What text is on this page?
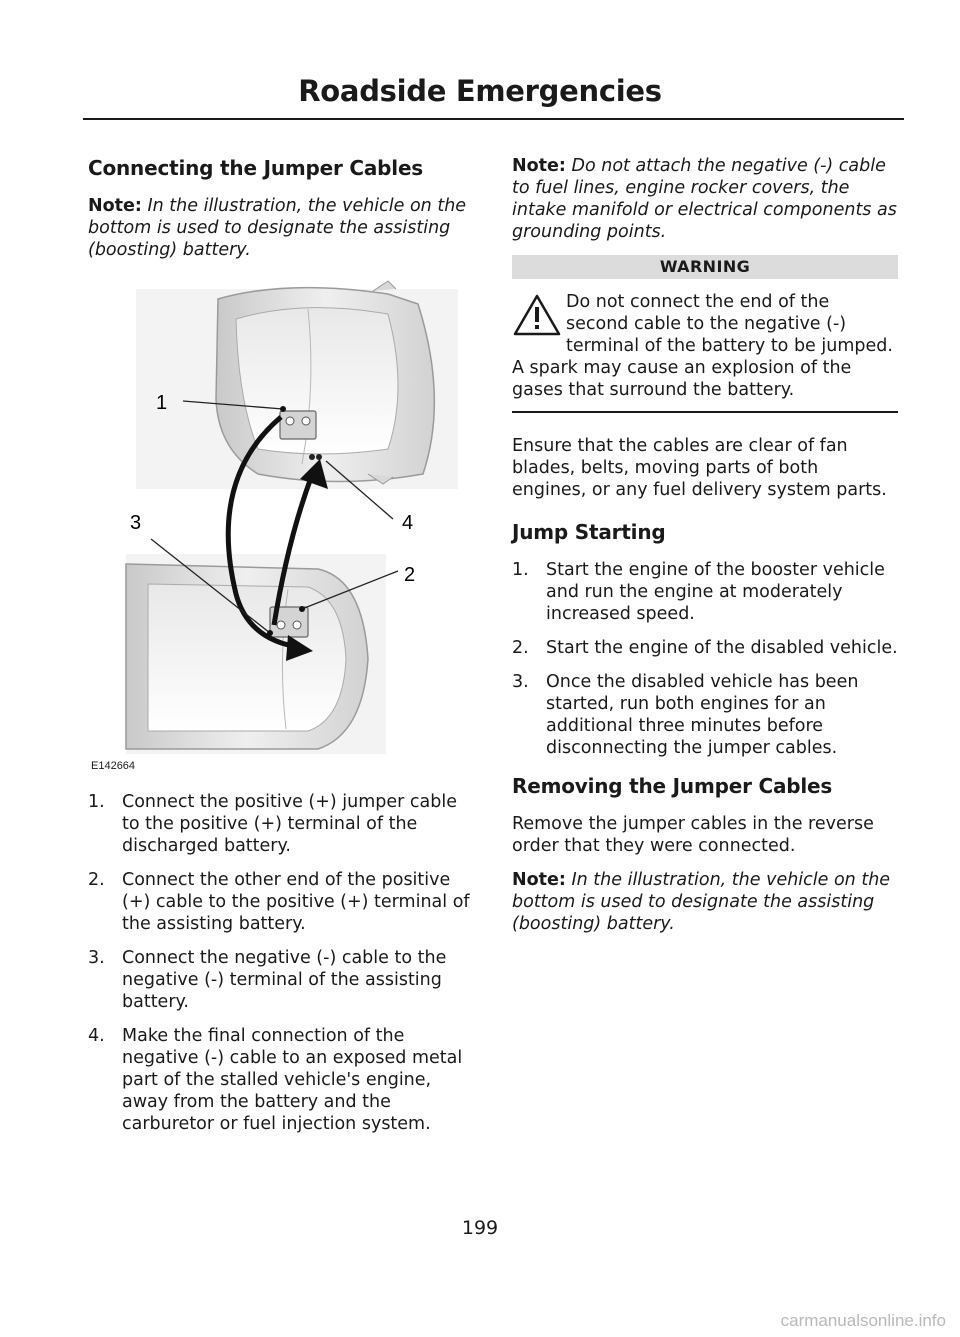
Roadside Emergencies
Connecting the Jumper Cables

Note: In the illustration, the vehicle on the bottom is used to designate the assisting (boosting) battery.

1
4
3
2
E142664
1. Connect the positive (+) jumper cable to the positive (+) terminal of the discharged battery.
2. Connect the other end of the positive (+) cable to the positive (+) terminal of the assisting battery.
3. Connect the negative (-) cable to the negative (-) terminal of the assisting battery.
4. Make the final connection of the negative (-) cable to an exposed metal part of the stalled vehicle's engine, away from the battery and the carburetor or fuel injection system.

Note: Do not attach the negative (-) cable to fuel lines, engine rocker covers, the intake manifold or electrical components as grounding points.

WARNING

Do not connect the end of the
second cable to the negative (-)
terminal of the battery to be jumped.
A spark may cause an explosion of the gases that surround the battery.

Ensure that the cables are clear of fan blades, belts, moving parts of both engines, or any fuel delivery system parts.

Jump Starting
1. Start the engine of the booster vehicle and run the engine at moderately increased speed.
2. Start the engine of the disabled vehicle.
3. Once the disabled vehicle has been started, run both engines for an additional three minutes before disconnecting the jumper cables.
Removing the Jumper Cables

Remove the jumper cables in the reverse order that they were connected.

Note: In the illustration, the vehicle on the bottom is used to designate the assisting (boosting) battery.

199
carmanualsonline.info
